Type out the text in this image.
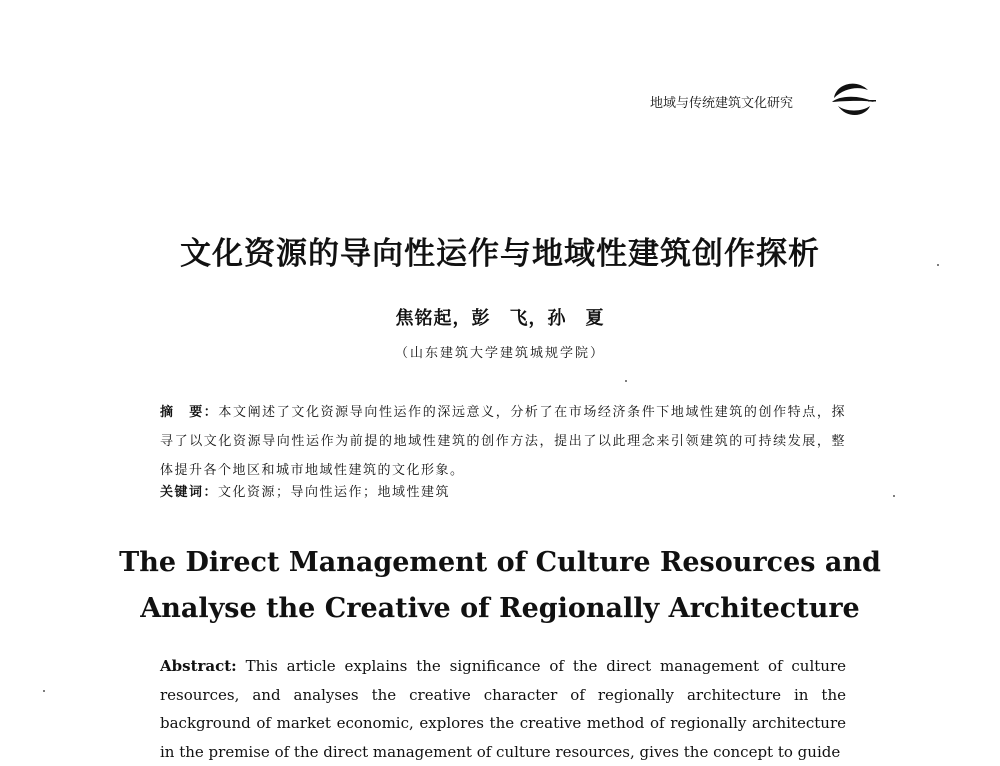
地域与传统建筑文化研究
文化资源的导向性运作与地域性建筑创作探析
焦铭起，彭　飞，孙　夏
（山东建筑大学建筑城规学院）
摘　要：本文阐述了文化资源导向性运作的深远意义，分析了在市场经济条件下地域性建筑的创作特点，探寻了以文化资源导向性运作为前提的地域性建筑的创作方法，提出了以此理念来引领建筑的可持续发展，整体提升各个地区和城市地域性建筑的文化形象。
关键词：文化资源；导向性运作；地域性建筑
The Direct Management of Culture Resources and
Analyse the Creative of Regionally Architecture
Abstract: This article explains the significance of the direct management of culture resources, and analyses the creative character of regionally architecture in the background of market economic, explores the creative method of regionally architecture in the premise of the direct management of culture resources, gives the concept to guide
